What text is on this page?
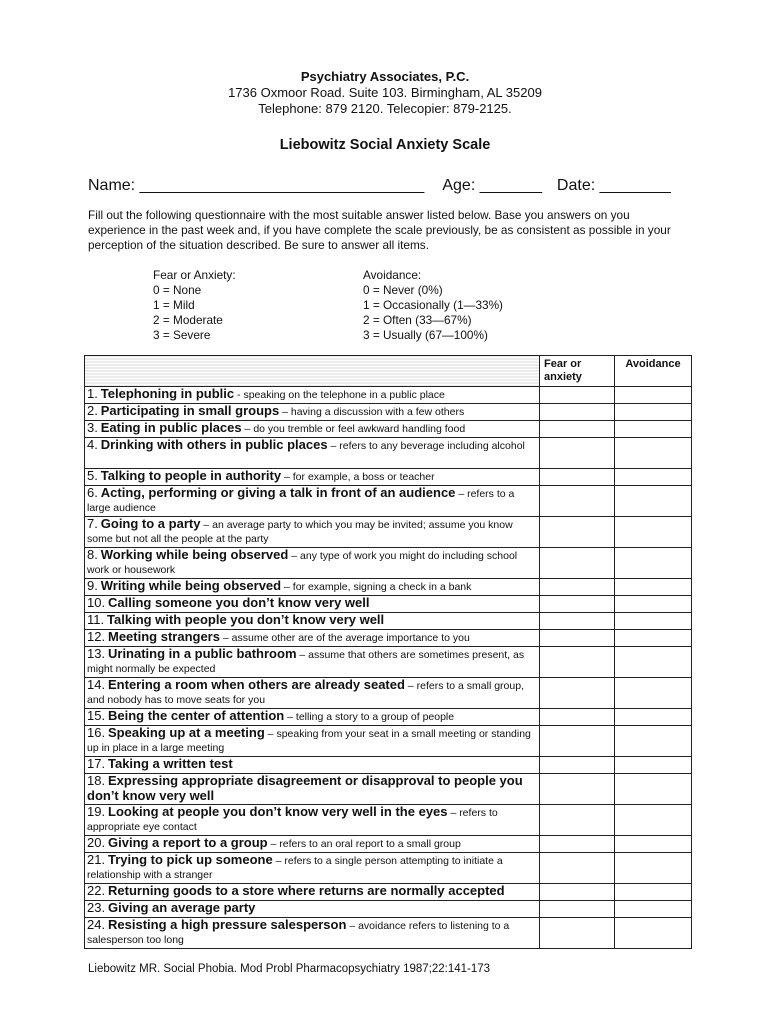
Psychiatry Associates, P.C.
1736 Oxmoor Road. Suite 103. Birmingham, AL 35209
Telephone: 879 2120. Telecopier: 879-2125.
Liebowitz Social Anxiety Scale
Name: ________________________________ Age: _______ Date: ________
Fill out the following questionnaire with the most suitable answer listed below. Base you answers on you experience in the past week and, if you have complete the scale previously, be as consistent as possible in your perception of the situation described. Be sure to answer all items.
Fear or Anxiety:
0 = None
1 = Mild
2 = Moderate
3 = Severe
Avoidance:
0 = Never (0%)
1 = Occasionally (1—33%)
2 = Often (33—67%)
3 = Usually (67—100%)
	Fear or anxiety	Avoidance
1. Telephoning in public - speaking on the telephone in a public place		
2. Participating in small groups – having a discussion with a few others		
3. Eating in public places – do you tremble or feel awkward handling food		
4. Drinking with others in public places – refers to any beverage including alcohol		
5. Talking to people in authority – for example, a boss or teacher		
6. Acting, performing or giving a talk in front of an audience – refers to a large audience		
7. Going to a party – an average party to which you may be invited; assume you know some but not all the people at the party		
8. Working while being observed – any type of work you might do including school work or housework		
9. Writing while being observed – for example, signing a check in a bank		
10. Calling someone you don’t know very well		
11. Talking with people you don’t know very well		
12. Meeting strangers – assume other are of the average importance to you		
13. Urinating in a public bathroom – assume that others are sometimes present, as might normally be expected		
14. Entering a room when others are already seated – refers to a small group, and nobody has to move seats for you		
15. Being the center of attention – telling a story to a group of people		
16. Speaking up at a meeting – speaking from your seat in a small meeting or standing up in place in a large meeting		
17. Taking a written test		
18. Expressing appropriate disagreement or disapproval to people you don’t know very well		
19. Looking at people you don’t know very well in the eyes – refers to appropriate eye contact		
20. Giving a report to a group – refers to an oral report to a small group		
21. Trying to pick up someone – refers to a single person attempting to initiate a relationship with a stranger		
22. Returning goods to a store where returns are normally accepted		
23. Giving an average party		
24. Resisting a high pressure salesperson – avoidance refers to listening to a salesperson too long		
Liebowitz MR. Social Phobia. Mod Probl Pharmacopsychiatry 1987;22:141-173
